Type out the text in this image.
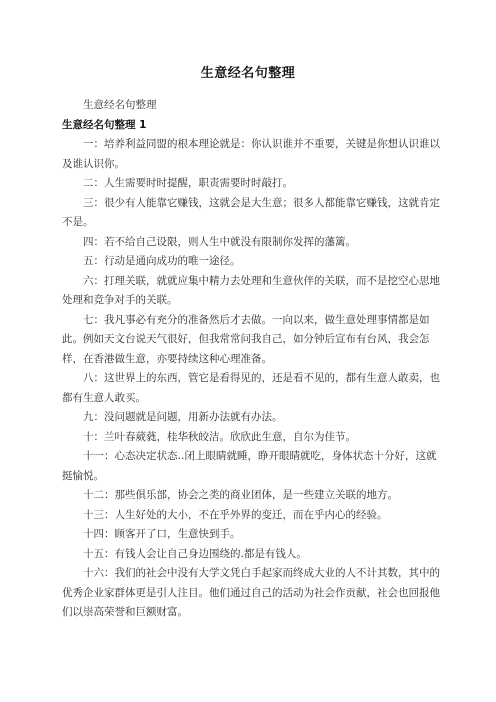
生意经名句整理

生意经名句整理

生意经名句整理 1

一：培养利益同盟的根本理论就是：你认识谁并不重要，关键是你想认识谁以及谁认识你。

二：人生需要时时提醒，职责需要时时敲打。

三：很少有人能靠它赚钱，这就会是大生意；很多人都能靠它赚钱，这就肯定不是。

四：若不给自己设限，则人生中就没有限制你发挥的藩篱。

五：行动是通向成功的唯一途径。

六：打理关联，就就应集中精力去处理和生意伙伴的关联，而不是挖空心思地处理和竞争对手的关联。

七：我凡事必有充分的准备然后才去做。一向以来，做生意处理事情都是如此。例如天文台说天气很好，但我常常问我自己，如分钟后宣布有台风，我会怎样，在香港做生意，亦要持续这种心理准备。

八：这世界上的东西，管它是看得见的，还是看不见的，都有生意人敢卖，也都有生意人敢买。

九：没问题就是问题，用新办法就有办法。

十：兰叶春葳蕤，桂华秋皎洁。欣欣此生意，自尔为佳节。

十一：心态决定状态‥闭上眼睛就睡，睁开眼睛就吃，身体状态十分好，这就挺愉悦。

十二：那些俱乐部，协会之类的商业团体，是一些建立关联的地方。

十三：人生好处的大小，不在乎外界的变迁，而在乎内心的经验。

十四：顾客开了口，生意快到手。

十五：有钱人会让自己身边围绕的.都是有钱人。

十六：我们的社会中没有大学文凭白手起家而终成大业的人不计其数，其中的优秀企业家群体更是引人注目。他们通过自己的活动为社会作贡献，社会也回报他们以崇高荣誉和巨额财富。
